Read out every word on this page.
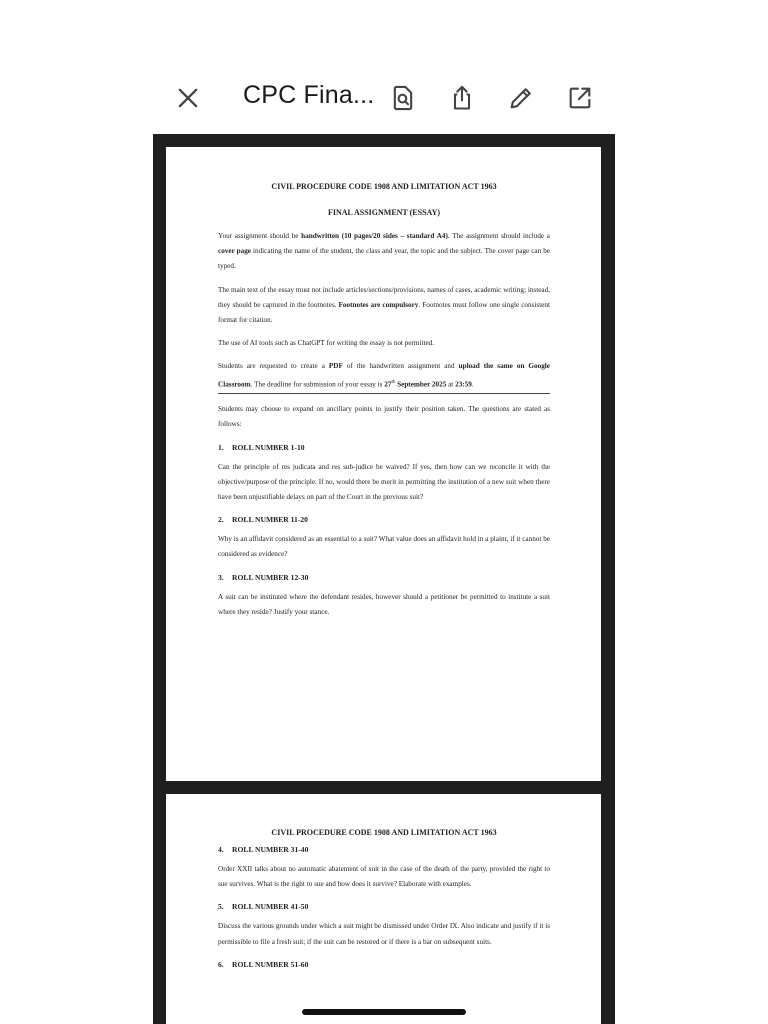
CPC Fina...

CIVIL PROCEDURE CODE 1908 AND LIMITATION ACT 1963

FINAL ASSIGNMENT (ESSAY)

Your assignment should be handwritten (10 pages/20 sides – standard A4). The assignment should include a cover page indicating the name of the student, the class and year, the topic and the subject. The cover page can be typed.

The main text of the essay must not include articles/sections/provisions, names of cases, academic writing; instead, they should be captured in the footnotes. Footnotes are compulsory. Footnotes must follow one single consistent format for citation.

The use of AI tools such as ChatGPT for writing the essay is not permitted.

Students are requested to create a PDF of the handwritten assignment and upload the same on Google Classroom. The deadline for submission of your essay is 27th September 2025 at 23:59.

Students may choose to expand on ancillary points to justify their position taken. The questions are stated as follows:

1. ROLL NUMBER 1-10

Can the principle of res judicata and res sub-judice be waived? If yes, then how can we reconcile it with the objective/purpose of the principle. If no, would there be merit in permitting the institution of a new suit when there have been unjustifiable delays on part of the Court in the previous suit?

2. ROLL NUMBER 11-20

Why is an affidavit considered as an essential to a suit? What value does an affidavit hold in a plaint, if it cannot be considered as evidence?

3. ROLL NUMBER 12-30

A suit can be instituted where the defendant resides, however should a petitioner be permitted to institute a suit where they reside? Justify your stance.

CIVIL PROCEDURE CODE 1908 AND LIMITATION ACT 1963

4. ROLL NUMBER 31-40

Order XXII talks about no automatic abatement of suit in the case of the death of the party, provided the right to sue survives. What is the right to sue and how does it survive? Elaborate with examples.

5. ROLL NUMBER 41-50

Discuss the various grounds under which a suit might be dismissed under Order IX. Also indicate and justify if it is permissible to file a fresh suit; if the suit can be restored or if there is a bar on subsequent suits.

6. ROLL NUMBER 51-60
